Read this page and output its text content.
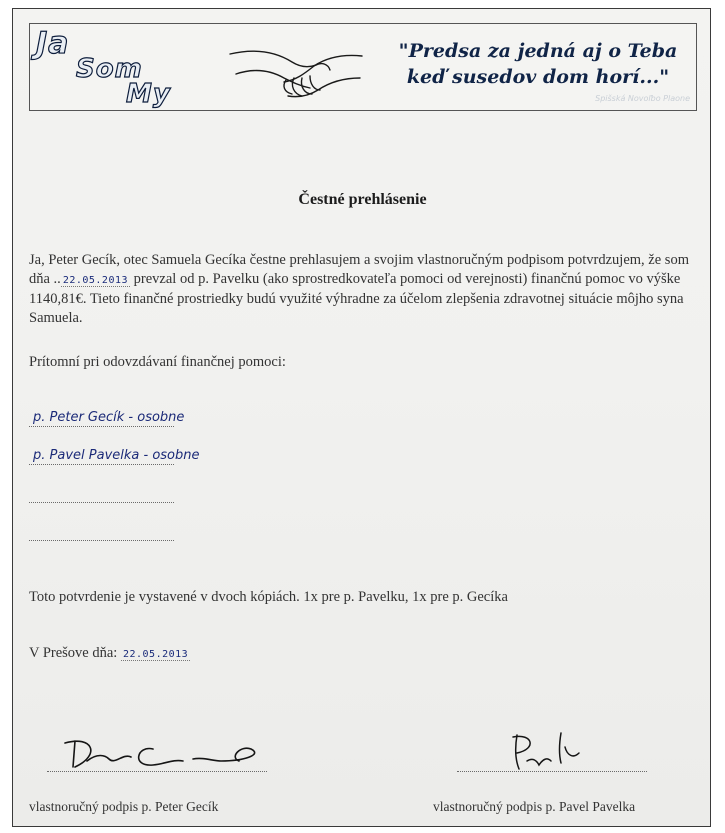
Ja
Som
My
"Predsa za jedná aj o Teba
keď susedov dom horí..."
Spišská Novoľbo Plaone
Čestné prehlásenie
Ja, Peter Gecík, otec Samuela Gecíka čestne prehlasujem a svojim vlastnoručným podpisom potvrdzujem, že som dňa .. 22.05.2013 prevzal od p. Pavelku (ako sprostredkovateľa pomoci od verejnosti) finančnú pomoc vo výške 1140,81€. Tieto finančné prostriedky budú využité výhradne za účelom zlepšenia zdravotnej situácie môjho syna Samuela.
Prítomní pri odovzdávaní finančnej pomoci:
p. Peter Gecík - osobne
p. Pavel Pavelka - osobne
Toto potvrdenie je vystavené v dvoch kópiách. 1x pre p. Pavelku, 1x pre p. Gecíka
V Prešove dňa: 22.05.2013
vlastnoručný podpis p. Peter Gecík	vlastnoručný podpis p. Pavel Pavelka
